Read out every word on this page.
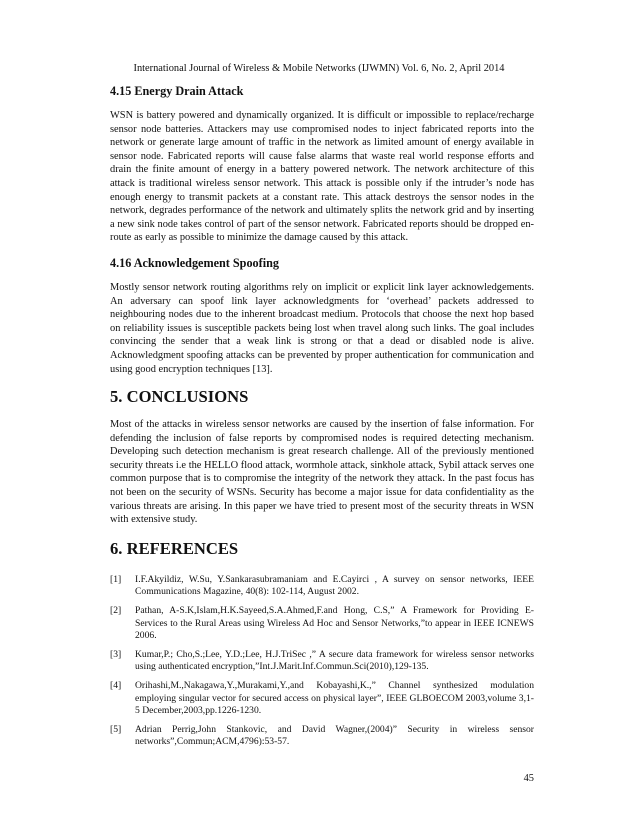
International Journal of Wireless & Mobile Networks (IJWMN) Vol. 6, No. 2, April 2014
4.15 Energy Drain Attack

WSN is battery powered and dynamically organized. It is difficult or impossible to replace/recharge sensor node batteries. Attackers may use compromised nodes to inject fabricated reports into the network or generate large amount of traffic in the network as limited amount of energy available in sensor node. Fabricated reports will cause false alarms that waste real world response efforts and drain the finite amount of energy in a battery powered network. The network architecture of this attack is traditional wireless sensor network. This attack is possible only if the intruder’s node has enough energy to transmit packets at a constant rate. This attack destroys the sensor nodes in the network, degrades performance of the network and ultimately splits the network grid and by inserting a new sink node takes control of part of the sensor network. Fabricated reports should be dropped en-route as early as possible to minimize the damage caused by this attack.

4.16 Acknowledgement Spoofing

Mostly sensor network routing algorithms rely on implicit or explicit link layer acknowledgements. An adversary can spoof link layer acknowledgments for ‘overhead’ packets addressed to neighbouring nodes due to the inherent broadcast medium. Protocols that choose the next hop based on reliability issues is susceptible packets being lost when travel along such links. The goal includes convincing the sender that a weak link is strong or that a dead or disabled node is alive. Acknowledgment spoofing attacks can be prevented by proper authentication for communication and using good encryption techniques [13].

5. CONCLUSIONS

Most of the attacks in wireless sensor networks are caused by the insertion of false information. For defending the inclusion of false reports by compromised nodes is required detecting mechanism. Developing such detection mechanism is great research challenge. All of the previously mentioned security threats i.e the HELLO flood attack, wormhole attack, sinkhole attack, Sybil attack serves one common purpose that is to compromise the integrity of the network they attack. In the past focus has not been on the security of WSNs. Security has become a major issue for data confidentiality as the various threats are arising. In this paper we have tried to present most of the security threats in WSN with extensive study.

6. REFERENCES
[1]	I.F.Akyildiz, W.Su, Y.Sankarasubramaniam and E.Cayirci , A survey on sensor networks, IEEE Communications Magazine, 40(8): 102-114, August 2002.
[2]	Pathan, A-S.K,Islam,H.K.Sayeed,S.A.Ahmed,F.and Hong, C.S,” A Framework for Providing E-Services to the Rural Areas using Wireless Ad Hoc and Sensor Networks,”to appear in IEEE ICNEWS 2006.
[3]	Kumar,P.; Cho,S.;Lee, Y.D.;Lee, H.J.TriSec ,” A secure data framework for wireless sensor networks using authenticated encryption,”Int.J.Marit.Inf.Commun.Sci(2010),129-135.
[4]	Orihashi,M.,Nakagawa,Y.,Murakami,Y.,and Kobayashi,K.,” Channel synthesized modulation employing singular vector for secured access on physical layer”, IEEE GLBOECOM 2003,volume 3,1-5 December,2003,pp.1226-1230.
[5]	Adrian Perrig,John Stankovic, and David Wagner,(2004)” Security in wireless sensor networks”,Commun;ACM,4796):53-57.
45
